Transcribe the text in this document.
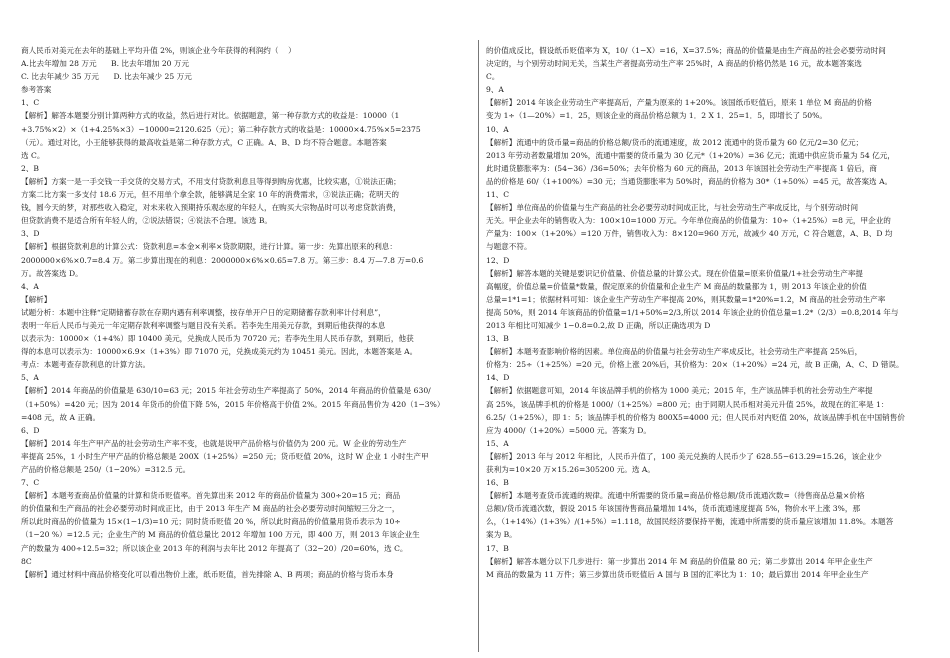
商人民币对美元在去年的基础上平均升值 2%，则该企业今年获得的利润约（    ）
A.比去年增加 28 万元      B. 比去年增加 20 万元
C. 比去年减少 35 万元      D. 比去年减少 25 万元
参考答案
1、C
【解析】解答本题要分别计算两种方式的收益，然后进行对比。依据题意，第一种存款方式的收益是：10000（1
+3.75%×2）×（1+4.25%×3）−10000=2120.625（元）；第二种存款方式的收益是：10000×4.75%×5=2375
（元）。通过对比，小王能够获得的最高收益是第二种存款方式，C 正确。A、B、D 均不符合题意。本题答案
选 C。
2、B
【解析】方案一是一手交钱一手交货的交易方式，不用支付贷款利息且等得到购房优惠，比较实惠，①说法正确；
方案二比方案一多支付 18.6 万元，但不用单个拿全款，能够满足全家 10 年的消费需求，③说法正确；花明天的
钱，圆今天的梦，对那些收入稳定，对未来收入预期持乐观态度的年轻人，在购买大宗物品时可以考虑贷款消费，
但贷款消费不是适合所有年轻人的，②说法错误；④说法不合理。该选 B。
3、D
【解析】根据贷款利息的计算公式：贷款利息=本金×利率×贷款期限，进行计算。第一步：先算出原来的利息：
2000000×6%×0.7=8.4 万。第二步算出现在的利息：2000000×6%×0.65=7.8 万。第三步：8.4 万—7.8 万=0.6
万。故答案选 D。
4、A
【解析】
试题分析：本题中注释“定期储蓄存款在存期内遇有利率调整，按存单开户日的定期储蓄存款利率计付利息”，
表明一年后人民币与美元一年定期存款利率调整与题目没有关系。若李先生用美元存款，到期后他获得的本息
以表示为：10000×（1+4%）即 10400 美元，兑换成人民币为 70720 元；若李先生用人民币存款，到期后，他获
得的本息可以表示为：10000×6.9×（1+3%）即 71070 元，兑换成美元约为 10451 美元。因此，本题答案是 A。
考点：本题考查存款利息的计算方法。
5、A
【解析】2014 年商品的价值量是 630/10=63 元；2015 年社会劳动生产率提高了 50%，2014 年商品的价值量是 630/
（1+50%）=420 元；因为 2014 年货币的价值下降 5%，2015 年价格高于价值 2%。2015 年商品售价为 420（1−3%）
=408 元，故 A 正确。
6、D
【解析】2014 年生产甲产品的社会劳动生产率不变，也就是说甲产品价格与价值仍为 200 元。W 企业的劳动生产
率提高 25%，1 小时生产甲产品的价格总额是 200X（1+25%）=250 元；货币贬值 20%，这时 W 企业 1 小时生产甲
产品的价格总额是 250/（1−20%）=312.5 元。
7、C
【解析】本题考查商品价值量的计算和货币贬值率。首先算出来 2012 年的商品价值量为 300÷20=15 元；商品
的价值量和生产商品的社会必要劳动时间成正比，由于 2013 年生产 M 商品的社会必要劳动时间缩短三分之一，
所以此时商品的价值量为 15×(1−1/3)=10 元；同时货币贬值 20 %，所以此时商品的价值量用货币表示为 10÷
（1−20 %）=12.5 元；企业生产的 M 商品的价值总量比 2012 年增加 100 万元，即 400 万，则 2013 年该企业生
产的数量为 400÷12.5=32；所以该企业 2013 年的利润与去年比 2012 年提高了（32−20）/20=60%，选 C。
8C
【解析】通过材料中商品价格变化可以看出物价上涨，纸币贬值，首先排除 A、B 两项；商品的价格与货币本身
的价值成反比，假设纸币贬值率为 X，10/（1−X）=16，X=37.5%；商品的价值量是由生产商品的社会必要劳动时间
决定的，与个别劳动时间无关，当某生产者提高劳动生产率 25%时，A 商品的价格仍然是 16 元，故本题答案选
C。
9、A
【解析】2014 年该企业劳动生产率提高后，产量为原来的 1+20%。该国纸币贬值后，原来 1 单位 M 商品的价格
变为 1÷（1—20%）=1．25，则该企业的商品价格总额为 1．2 X 1．25=1．5，即增长了 50%。
10、A
【解析】流通中的货币量=商品的价格总额/货币的流通速度，故 2012 流通中的货币量为 60 亿元/2=30 亿元；
2013 年劳动者数量增加 20%，流通中需要的货币量为 30 亿元*（1+20%）=36 亿元；流通中供应货币量为 54 亿元，
此时通货膨胀率为：(54−36）/36=50%；去年价格为 60 元的商品，2013 年该国社会劳动生产率提高 1 倍后，商
品的价格是 60/（1+100%）=30 元；当通货膨胀率为 50%时，商品的价格为 30*（1+50%）=45 元，故答案选 A。
11、C
【解析】单位商品的价值量与生产商品的社会必要劳动时间成正比，与社会劳动生产率成反比，与个别劳动时间
无关。甲企业去年的销售收入为：100×10=1000 万元。今年单位商品的价值量为：10÷（1+25%）=8 元，甲企业的
产量为：100×（1+20%）=120 万件，销售收入为：8×120=960 万元，故减少 40 万元，C 符合题意，A、B、D 均
与题意不符。
12、D
【解析】解答本题的关键是要识记价值量、价值总量的计算公式。现在价值量=原来价值量/1+社会劳动生产率提
高幅度，价值总量=价值量*数量，假定原来的价值量和企业生产 M 商品的数量都为 1，则 2013 年该企业的价值
总量=1*1=1；依据材料可知：该企业生产劳动生产率提高 20%，则其数量=1*20%=1.2，M 商品的社会劳动生产率
提高 50%，则 2014 年该商品的价值量=1/1+50%=2/3,所以 2014 年该企业的价值总量=1.2*（2/3）=0.8,2014 年与
2013 年相比可知减少 1−0.8=0.2,故 D 正确，所以正确选项为 D
13、B
【解析】本题考查影响价格的因素。单位商品的价值量与社会劳动生产率成反比，社会劳动生产率提高 25%后，
价格为：25÷（1+25%）=20 元，价格上涨 20%后，其价格为：20×（1+20%）=24 元，故 B 正确，A、C、D 错误。
14、D
【解析】依据题意可知，2014 年该品牌手机的价格为 1000 美元；2015 年，生产该品牌手机的社会劳动生产率提
高 25%，该品牌手机的价格是 1000/（1+25%）=800 元；由于同期人民币相对美元升值 25%，故现在的汇率是 1：
6.25/（1+25%），即 1：5；该品牌手机的价格为 800X5=4000 元；但人民币对内贬值 20%，故该品牌手机在中国销售价
应为 4000/（1+20%）=5000 元。答案为 D。
15、A
【解析】2013 年与 2012 年相比，人民币升值了，100 美元兑换的人民币少了 628.55−613.29=15.26，该企业少
获利为=10×20 万×15.26=305200 元。选 A。
16、B
【解析】本题考查货币流通的规律。流通中所需要的货币量=商品价格总额/货币流通次数=（待售商品总量×价格
总额)/货币流通次数，假设 2015 年该国待售商品量增加 14%，货币流通速度提高 5%，物价水平上涨 3%，那
么，（1+14%）(1+3%）/(1+5%）=1.118，故国民经济要保持平衡，流通中所需要的货币量应该增加 11.8%。本题答
案为 B。
17、B
【解析】解答本题分以下几步进行：第一步算出 2014 年 M 商品的价值量 80 元；第二步算出 2014 年甲企业生产
M 商品的数量为 11 万件；第三步算出货币贬值后 A 国与 B 国的汇率比为 1：10；最后算出 2014 年甲企业生产
